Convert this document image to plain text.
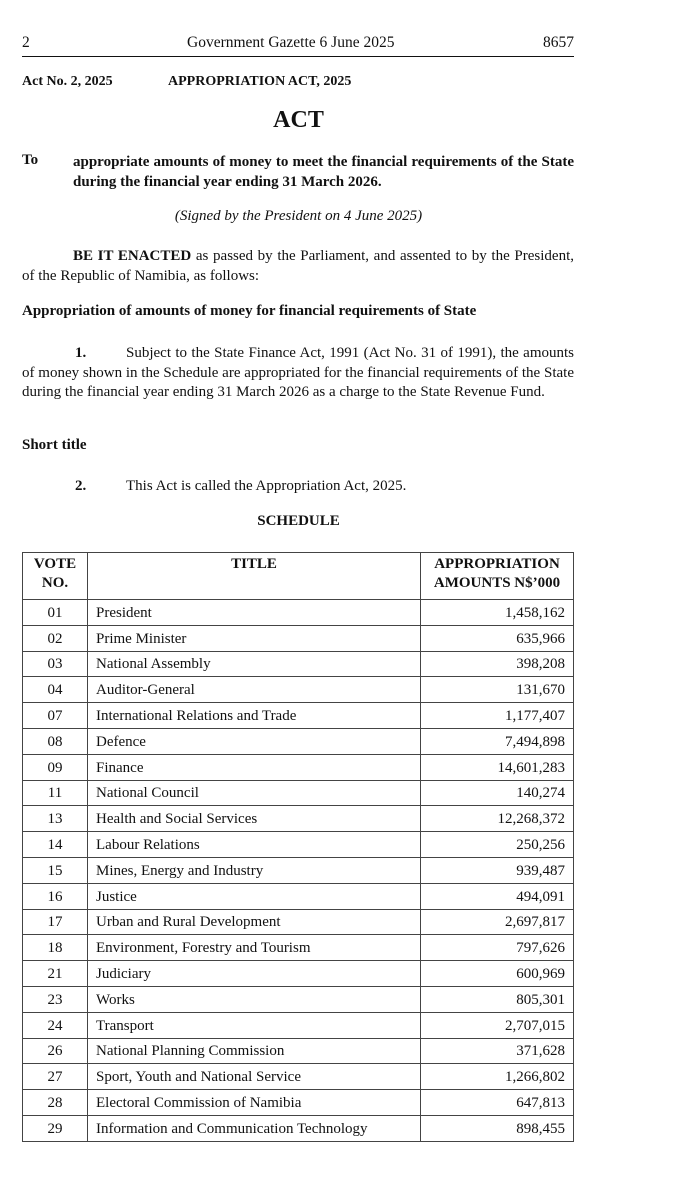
2	Government Gazette 6 June 2025	8657
Act No. 2, 2025	APPROPRIATION ACT, 2025
ACT
To appropriate amounts of money to meet the financial requirements of the State during the financial year ending 31 March 2026.
(Signed by the President on 4 June 2025)
BE IT ENACTED as passed by the Parliament, and assented to by the President, of the Republic of Namibia, as follows:
Appropriation of amounts of money for financial requirements of State
1.	Subject to the State Finance Act, 1991 (Act No. 31 of 1991), the amounts of money shown in the Schedule are appropriated for the financial requirements of the State during the financial year ending 31 March 2026 as a charge to the State Revenue Fund.
Short title
2.	This Act is called the Appropriation Act, 2025.
SCHEDULE
VOTE
NO.	TITLE	APPROPRIATION
AMOUNTS N$’000
01	President	1,458,162
02	Prime Minister	635,966
03	National Assembly	398,208
04	Auditor-General	131,670
07	International Relations and Trade	1,177,407
08	Defence	7,494,898
09	Finance	14,601,283
11	National Council	140,274
13	Health and Social Services	12,268,372
14	Labour Relations	250,256
15	Mines, Energy and Industry	939,487
16	Justice	494,091
17	Urban and Rural Development	2,697,817
18	Environment, Forestry and Tourism	797,626
21	Judiciary	600,969
23	Works	805,301
24	Transport	2,707,015
26	National Planning Commission	371,628
27	Sport, Youth and National Service	1,266,802
28	Electoral Commission of Namibia	647,813
29	Information and Communication Technology	898,455
